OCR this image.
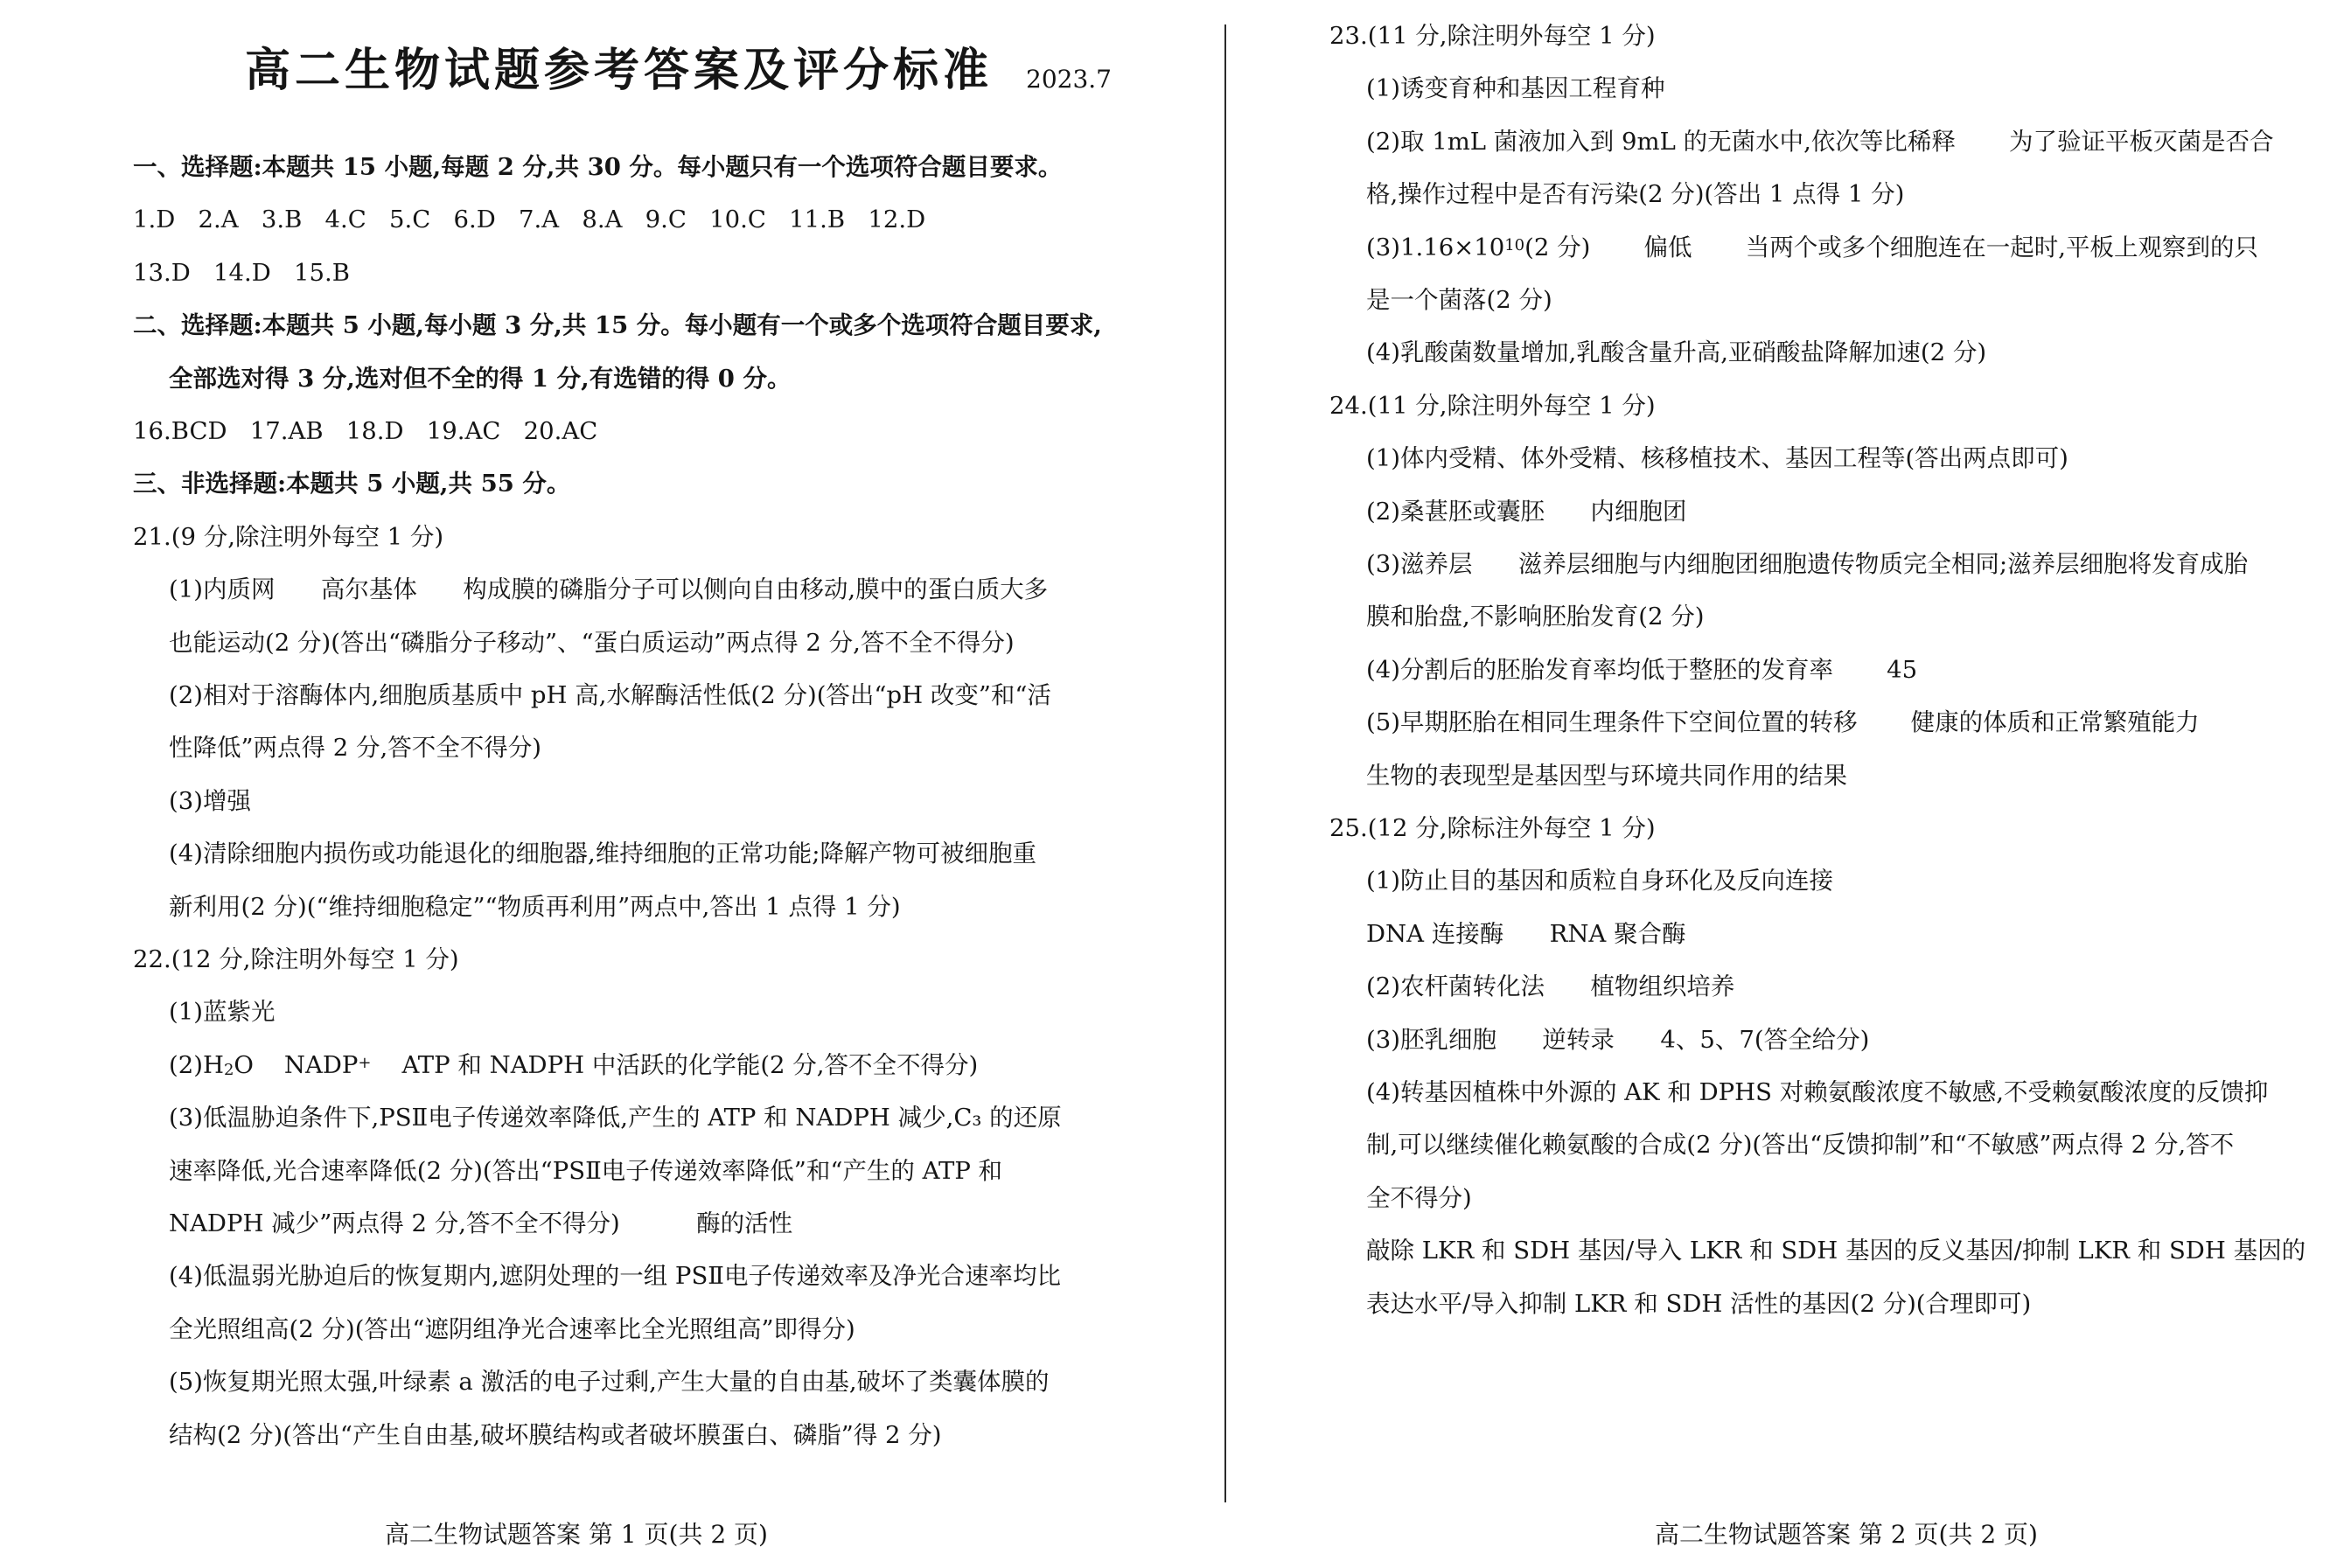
高二生物试题参考答案及评分标准 2023.7
一、选择题:本题共 15 小题,每题 2 分,共 30 分。每小题只有一个选项符合题目要求。
1.D   2.A   3.B   4.C   5.C   6.D   7.A   8.A   9.C   10.C   11.B   12.D
13.D   14.D   15.B
二、选择题:本题共 5 小题,每小题 3 分,共 15 分。每小题有一个或多个选项符合题目要求,
全部选对得 3 分,选对但不全的得 1 分,有选错的得 0 分。
16.BCD   17.AB   18.D   19.AC   20.AC
三、非选择题:本题共 5 小题,共 55 分。
21.(9 分,除注明外每空 1 分)
(1)内质网      高尔基体      构成膜的磷脂分子可以侧向自由移动,膜中的蛋白质大多
也能运动(2 分)(答出“磷脂分子移动”、“蛋白质运动”两点得 2 分,答不全不得分)
(2)相对于溶酶体内,细胞质基质中 pH 高,水解酶活性低(2 分)(答出“pH 改变”和“活
性降低”两点得 2 分,答不全不得分)
(3)增强
(4)清除细胞内损伤或功能退化的细胞器,维持细胞的正常功能;降解产物可被细胞重
新利用(2 分)(“维持细胞稳定”“物质再利用”两点中,答出 1 点得 1 分)
22.(12 分,除注明外每空 1 分)
(1)蓝紫光
(3)低温胁迫条件下,PSⅡ电子传递效率降低,产生的 ATP 和 NADPH 减少,C₃ 的还原
速率降低,光合速率降低(2 分)(答出“PSⅡ电子传递效率降低”和“产生的 ATP 和
NADPH 减少”两点得 2 分,答不全不得分)          酶的活性
(4)低温弱光胁迫后的恢复期内,遮阴处理的一组 PSⅡ电子传递效率及净光合速率均比
全光照组高(2 分)(答出“遮阴组净光合速率比全光照组高”即得分)
(5)恢复期光照太强,叶绿素 a 激活的电子过剩,产生大量的自由基,破坏了类囊体膜的
结构(2 分)(答出“产生自由基,破坏膜结构或者破坏膜蛋白、磷脂”得 2 分)
$(2)H_2O$    NADP+    ATP 和 NADPH 中活跃的化学能(2 分,答不全不得分)
高二生物试题答案 第 1 页(共 2 页)
23.(11 分,除注明外每空 1 分)
(1)诱变育种和基因工程育种
(2)取 1mL 菌液加入到 9mL 的无菌水中,依次等比稀释       为了验证平板灭菌是否合
格,操作过程中是否有污染(2 分)(答出 1 点得 1 分)
是一个菌落(2 分)
(4)乳酸菌数量增加,乳酸含量升高,亚硝酸盐降解加速(2 分)
24.(11 分,除注明外每空 1 分)
(1)体内受精、体外受精、核移植技术、基因工程等(答出两点即可)
(2)桑葚胚或囊胚      内细胞团
(3)滋养层      滋养层细胞与内细胞团细胞遗传物质完全相同;滋养层细胞将发育成胎
膜和胎盘,不影响胚胎发育(2 分)
(4)分割后的胚胎发育率均低于整胚的发育率       45
(5)早期胚胎在相同生理条件下空间位置的转移       健康的体质和正常繁殖能力
生物的表现型是基因型与环境共同作用的结果
25.(12 分,除标注外每空 1 分)
(1)防止目的基因和质粒自身环化及反向连接
DNA 连接酶      RNA 聚合酶
(2)农杆菌转化法      植物组织培养
(3)胚乳细胞      逆转录      4、5、7(答全给分)
(4)转基因植株中外源的 AK 和 DPHS 对赖氨酸浓度不敏感,不受赖氨酸浓度的反馈抑
制,可以继续催化赖氨酸的合成(2 分)(答出“反馈抑制”和“不敏感”两点得 2 分,答不
全不得分)
敲除 LKR 和 SDH 基因/导入 LKR 和 SDH 基因的反义基因/抑制 LKR 和 SDH 基因的
表达水平/导入抑制 LKR 和 SDH 活性的基因(2 分)(合理即可)
$(3)1.16\times 10^{10}(2$ 分)       偏低       当两个或多个细胞连在一起时,平板上观察到的只
高二生物试题答案 第 2 页(共 2 页)
